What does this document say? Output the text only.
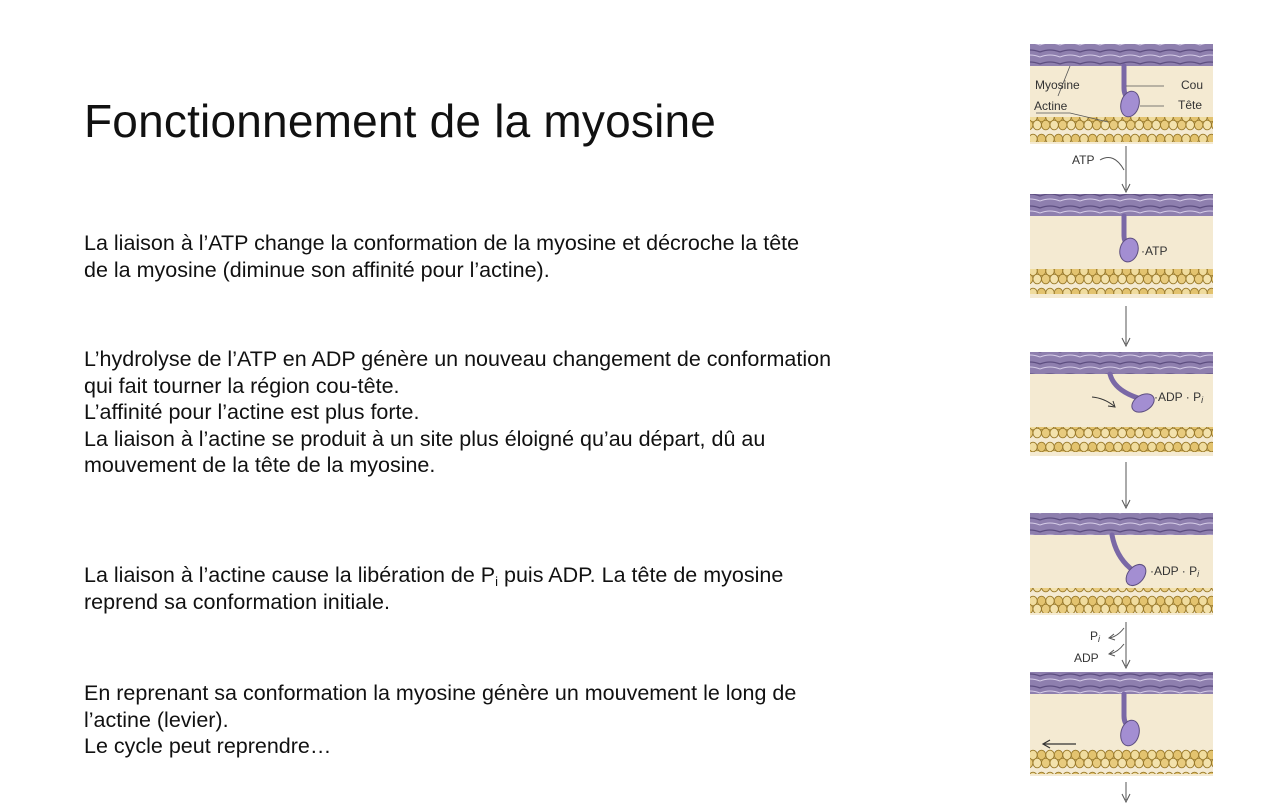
Fonctionnement de la myosine

La liaison à l’ATP change la conformation de la myosine et décroche la tête
de la myosine (diminue son affinité pour l’actine).

L’hydrolyse de l’ATP en ADP génère un nouveau changement de conformation
qui fait tourner la région cou-tête.
L’affinité pour l’actine est plus forte.
La liaison à l’actine se produit à un site plus éloigné qu’au départ, dû au
mouvement de la tête de la myosine.

La liaison à l’actine cause la libération de $P_i$ puis ADP. La tête de myosine
reprend sa conformation initiale.

En reprenant sa conformation la myosine génère un mouvement le long de
l’actine (levier).
Le cycle peut reprendre…

Myosine
Actine
Cou
Tête
ATP
·ATP
·ADP · Pi
·ADP · Pi
Pi
ADP
